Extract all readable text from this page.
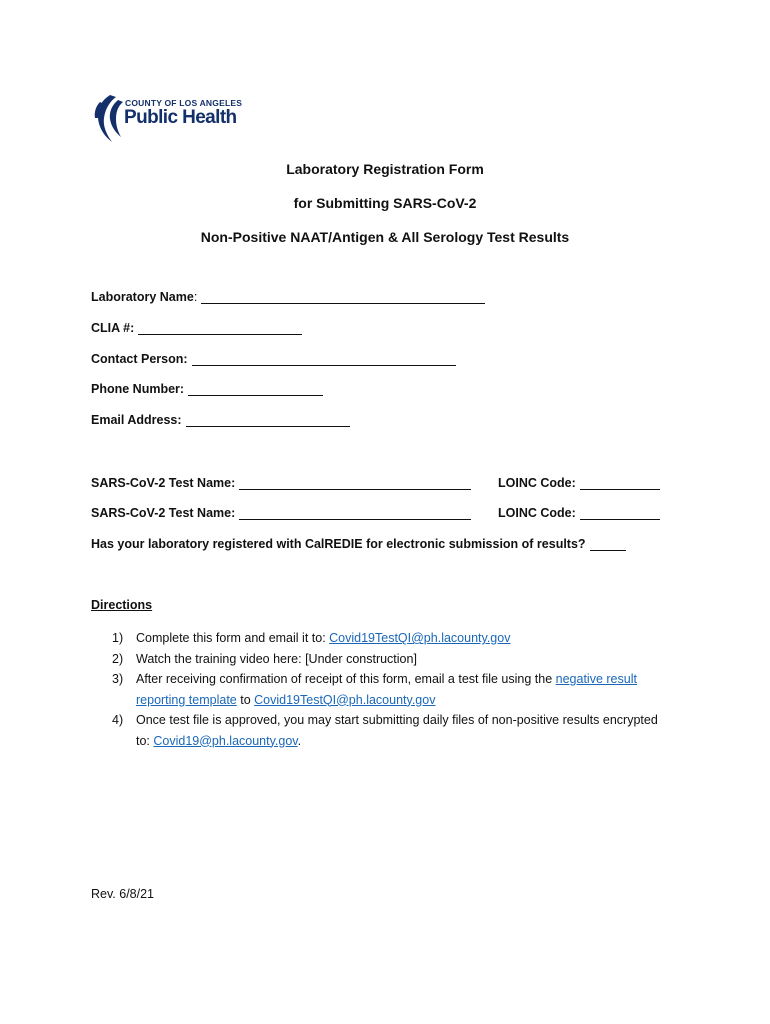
COUNTY OF LOS ANGELES
Public Health
Laboratory Registration Form
for Submitting SARS-CoV-2
Non-Positive NAAT/Antigen & All Serology Test Results
Laboratory Name :
CLIA #:
Contact Person:
Phone Number:
Email Address:
SARS-CoV-2 Test Name:	LOINC Code:
SARS-CoV-2 Test Name:	LOINC Code:
Has your laboratory registered with CalREDIE for electronic submission of results?
Directions
1) Complete this form and email it to: Covid19TestQI@ph.lacounty.gov
2) Watch the training video here: [Under construction]
3) After receiving confirmation of receipt of this form, email a test file using the negative result reporting template to Covid19TestQI@ph.lacounty.gov
4) Once test file is approved, you may start submitting daily files of non-positive results encrypted to: Covid19@ph.lacounty.gov.
Rev. 6/8/21
